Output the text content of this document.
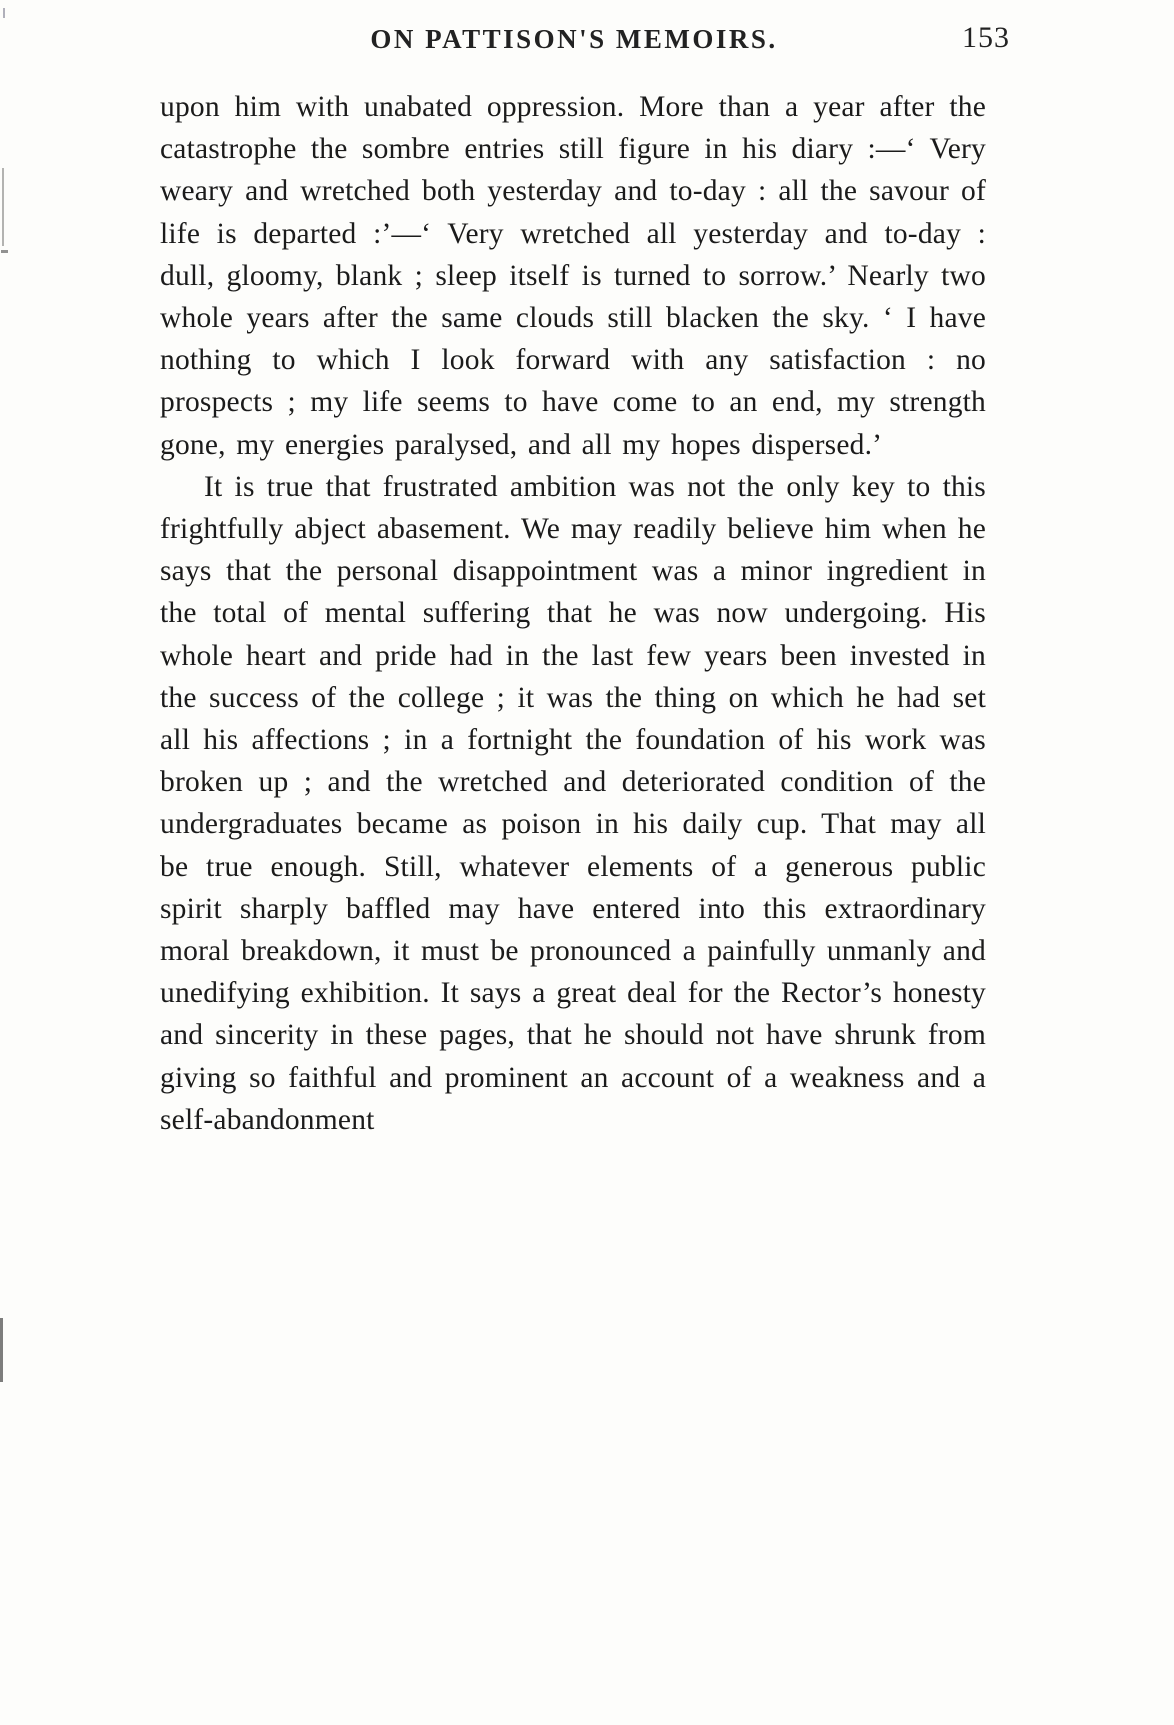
ON PATTISON'S MEMOIRS.	153

upon him with unabated oppression. More than a year after the catastrophe the sombre entries still figure in his diary :—‘ Very weary and wretched both yesterday and to-day : all the savour of life is departed :’—‘ Very wretched all yesterday and to-day : dull, gloomy, blank ; sleep itself is turned to sorrow.’ Nearly two whole years after the same clouds still blacken the sky. ‘ I have nothing to which I look forward with any satisfaction : no prospects ; my life seems to have come to an end, my strength gone, my energies paralysed, and all my hopes dispersed.’

It is true that frustrated ambition was not the only key to this frightfully abject abasement. We may readily believe him when he says that the personal disappointment was a minor ingredient in the total of mental suffering that he was now undergoing. His whole heart and pride had in the last few years been invested in the success of the college ; it was the thing on which he had set all his affections ; in a fortnight the foundation of his work was broken up ; and the wretched and deteriorated condition of the undergraduates became as poison in his daily cup. That may all be true enough. Still, whatever elements of a generous public spirit sharply baffled may have entered into this extraordinary moral breakdown, it must be pronounced a painfully unmanly and unedifying exhibition. It says a great deal for the Rector’s honesty and sincerity in these pages, that he should not have shrunk from giving so faithful and prominent an account of a weakness and a self-abandonment
